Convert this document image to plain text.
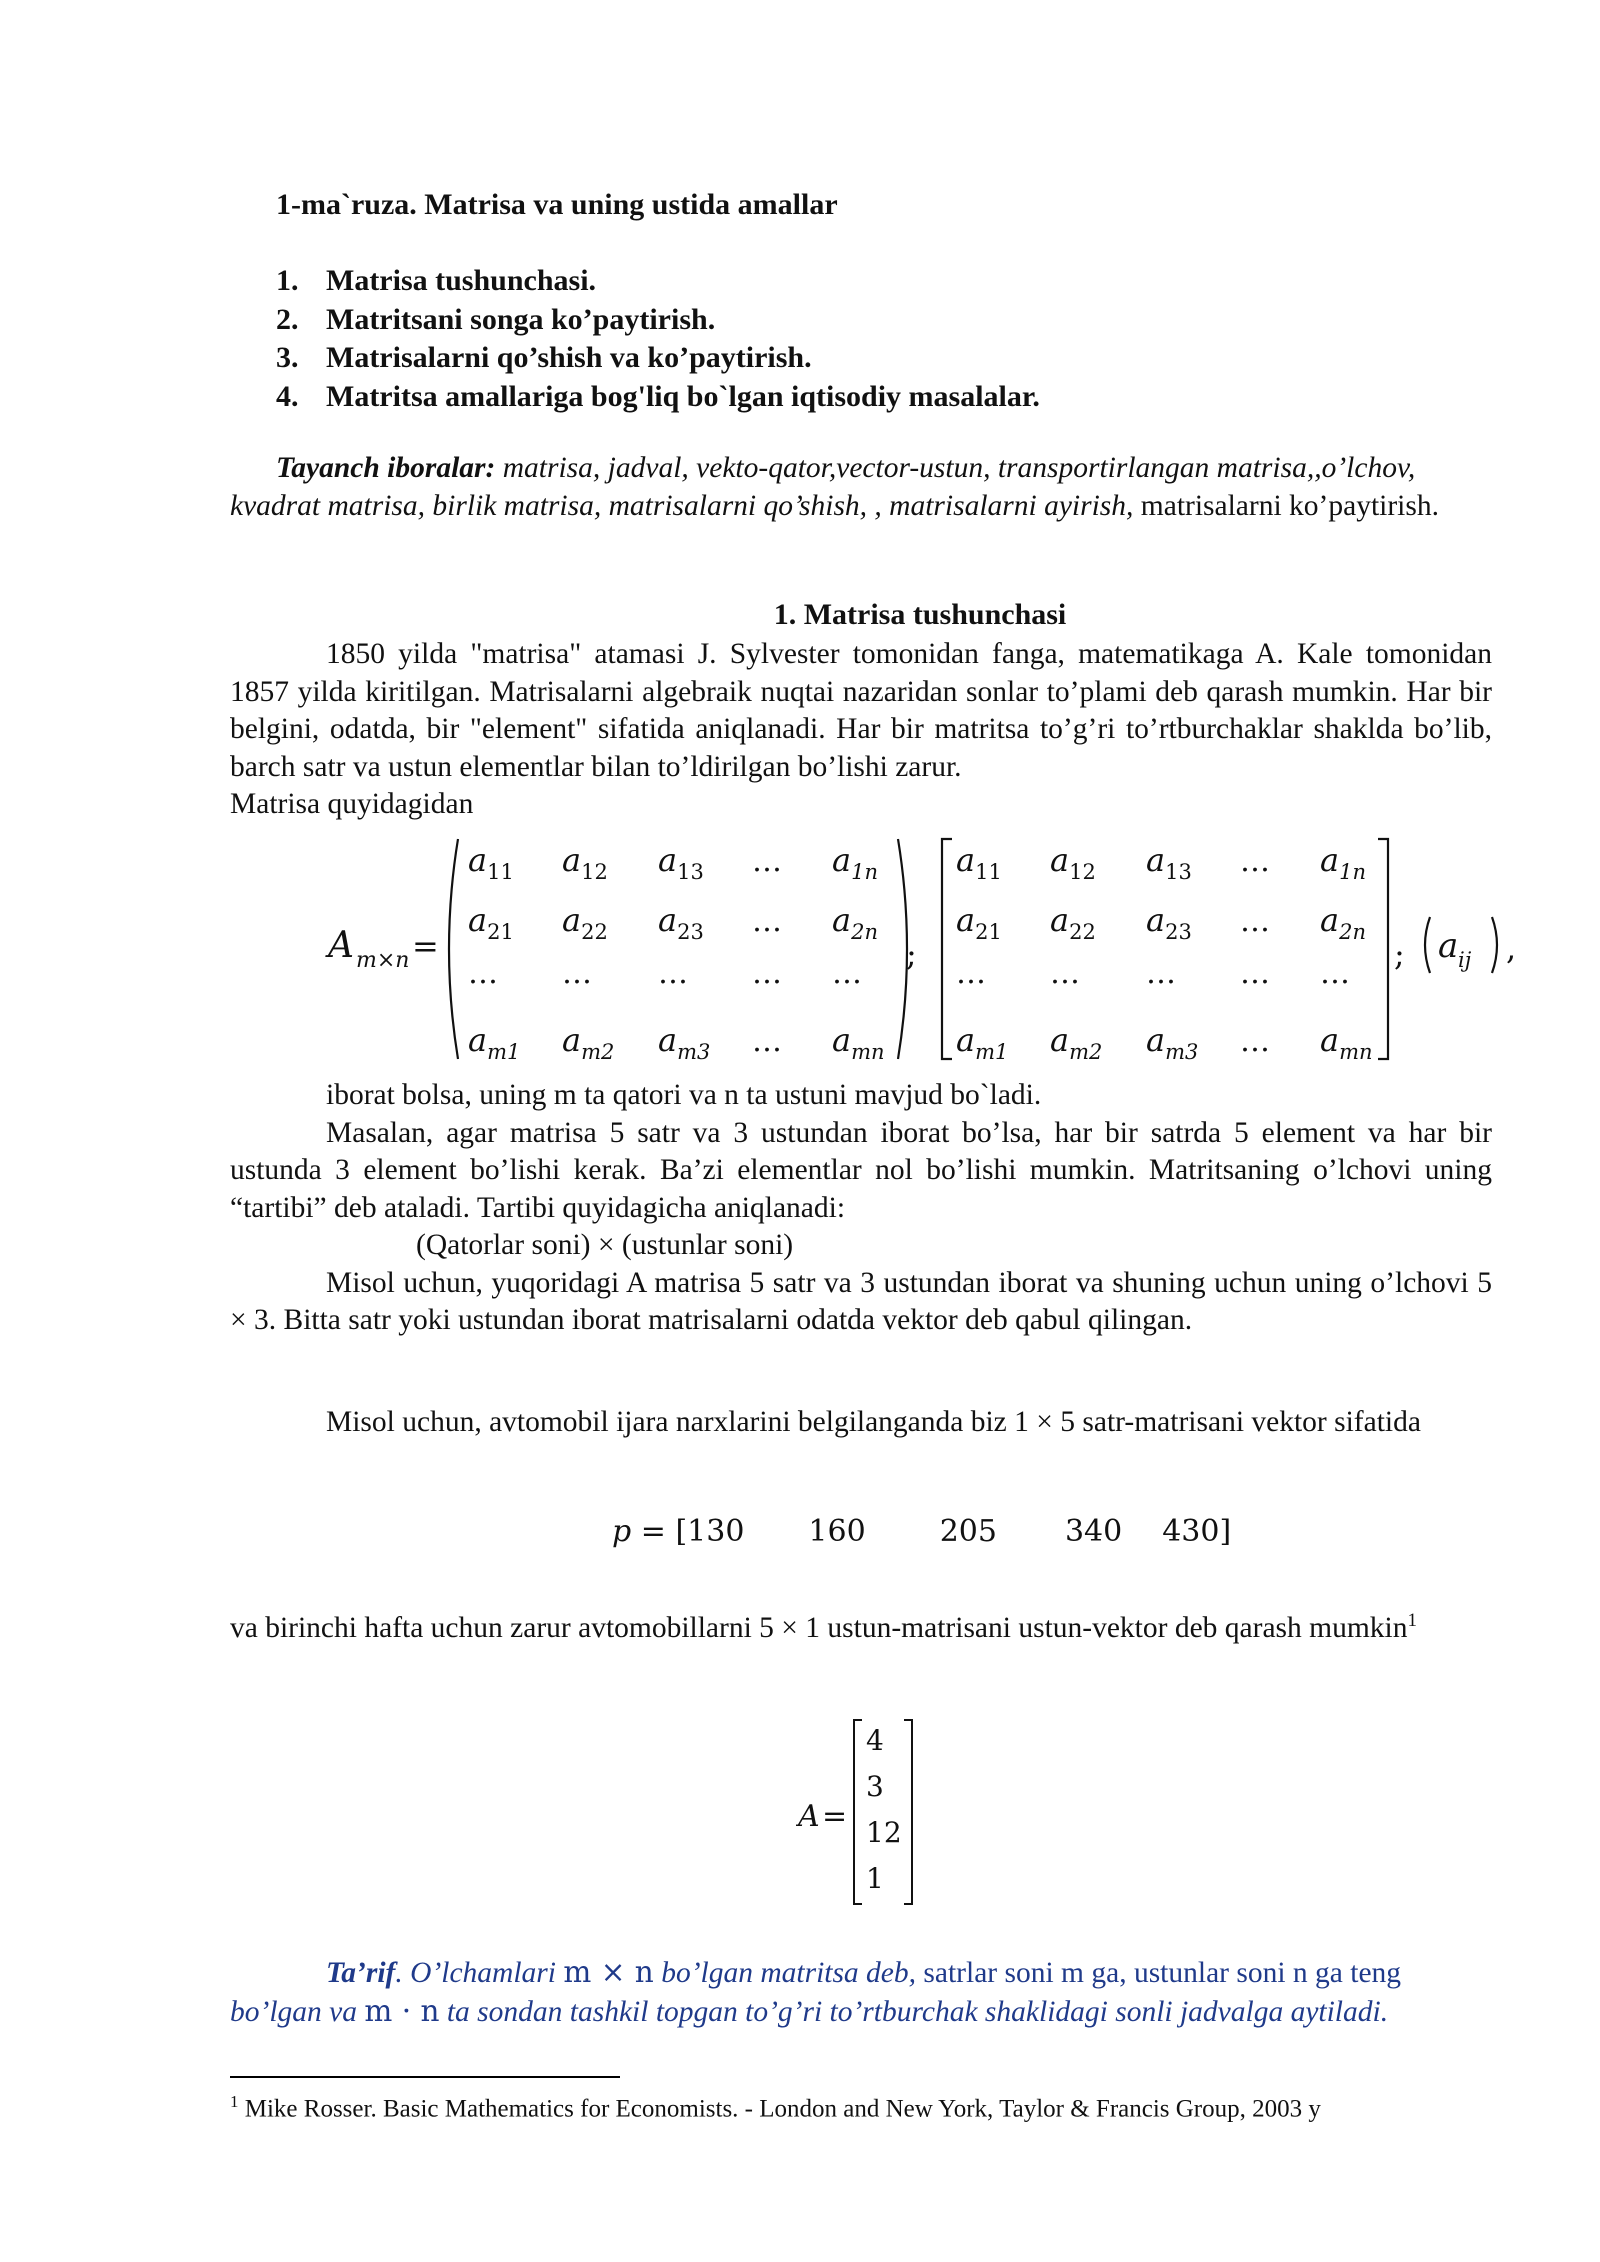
1-ma`ruza. Matrisa va uning ustida amallar
1. Matrisa tushunchasi.
2. Matritsani songa ko’paytirish.
3. Matrisalarni qo’shish va ko’paytirish.
4. Matritsa amallariga bog'liq bo`lgan iqtisodiy masalalar.

Tayanch iboralar: matrisa, jadval, vekto-qator,vector-ustun, transportirlangan matrisa,,o’lchov, kvadrat matrisa, birlik matrisa, matrisalarni qo’shish, , matrisalarni ayirish, matrisalarni ko’paytirish.

1. Matrisa tushunchasi

1850 yilda "matrisa" atamasi J. Sylvester tomonidan fanga, matematikaga A. Kale tomonidan 1857 yilda kiritilgan. Matrisalarni algebraik nuqtai nazaridan sonlar to’plami deb qarash mumkin. Har bir belgini, odatda, bir "element" sifatida aniqlanadi. Har bir matritsa to’g’ri to’rtburchaklar shaklda bo’lib, barch satr va ustun elementlar bilan to’ldirilgan bo’lishi zarur.

Matrisa quyidagidan

A m×n =	;	;	,
a ij
$a_{11}$ $a_{12}$ $a_{13}$ … $a_{1n}$
$a_{21}$ $a_{22}$ $a_{23}$ … $a_{2n}$
… … … … …
$a_{m1}$ $a_{m2}$ $a_{m3}$ … $a_{mn}$
$a_{11}$ $a_{12}$ $a_{13}$ … $a_{1n}$
$a_{21}$ $a_{22}$ $a_{23}$ … $a_{2n}$
… … … … …
$a_{m1}$ $a_{m2}$ $a_{m3}$ … $a_{mn}$

iborat bolsa, uning m ta qatori va n ta ustuni mavjud bo`ladi.

Masalan, agar matrisa 5 satr va 3 ustundan iborat bo’lsa, har bir satrda 5 element va har bir ustunda 3 element bo’lishi kerak. Ba’zi elementlar nol bo’lishi mumkin. Matritsaning o’lchovi uning “tartibi” deb ataladi. Tartibi quyidagicha aniqlanadi:

(Qatorlar soni) × (ustunlar soni)

Misol uchun, yuqoridagi A matrisa 5 satr va 3 ustundan iborat va shuning uchun uning o’lchovi 5 × 3. Bitta satr yoki ustundan iborat matrisalarni odatda vektor deb qabul qilingan.

Misol uchun, avtomobil ijara narxlarini belgilanganda biz 1 × 5 satr-matrisani vektor sifatida

p = [130 160 205 340 430]

va birinchi hafta uchun zarur avtomobillarni 5 × 1 ustun-matrisani ustun-vektor deb qarash mumkin$^1$

A =
4
3
12
1

Ta’rif. O’lchamlari m × n bo’lgan matritsa deb, satrlar soni m ga, ustunlar soni n ga teng bo’lgan va m · n ta sondan tashkil topgan to’g’ri to’rtburchak shaklidagi sonli jadvalga aytiladi.

$^1$ Mike Rosser. Basic Mathematics for Economists. - London and New York, Taylor & Francis Group, 2003 y
